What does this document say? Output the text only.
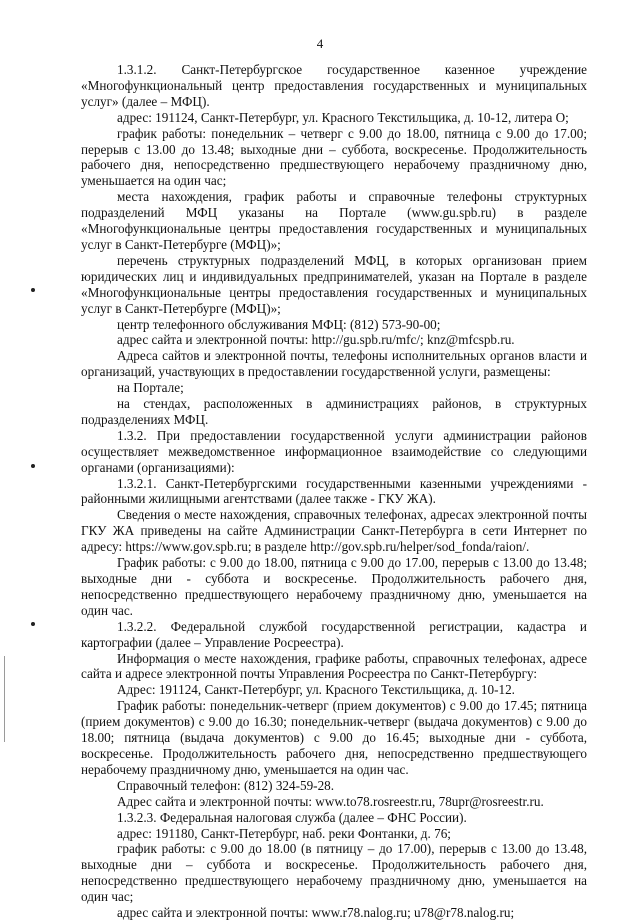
4

1.3.1.2. Санкт-Петербургское государственное казенное учреждение «Многофункциональный центр предоставления государственных и муниципальных услуг» (далее – МФЦ).

адрес: 191124, Санкт-Петербург, ул. Красного Текстильщика, д. 10-12, литера О;

график работы: понедельник – четверг с 9.00 до 18.00, пятница с 9.00 до 17.00; перерыв с 13.00 до 13.48; выходные дни – суббота, воскресенье. Продолжительность рабочего дня, непосредственно предшествующего нерабочему праздничному дню, уменьшается на один час;

места нахождения, график работы и справочные телефоны структурных подразделений МФЦ указаны на Портале (www.gu.spb.ru) в разделе «Многофункциональные центры предоставления государственных и муниципальных услуг в Санкт-Петербурге (МФЦ)»;

перечень структурных подразделений МФЦ, в которых организован прием юридических лиц и индивидуальных предпринимателей, указан на Портале в разделе «Многофункциональные центры предоставления государственных и муниципальных услуг в Санкт-Петербурге (МФЦ)»;

центр телефонного обслуживания МФЦ: (812) 573-90-00;

адрес сайта и электронной почты: http://gu.spb.ru/mfc/; knz@mfcspb.ru.

Адреса сайтов и электронной почты, телефоны исполнительных органов власти и организаций, участвующих в предоставлении государственной услуги, размещены:

на Портале;

на стендах, расположенных в администрациях районов, в структурных подразделениях МФЦ.

1.3.2. При предоставлении государственной услуги администрации районов осуществляет межведомственное информационное взаимодействие со следующими органами (организациями):

1.3.2.1. Санкт-Петербургскими государственными казенными учреждениями - районными жилищными агентствами (далее также - ГКУ ЖА).

Сведения о месте нахождения, справочных телефонах, адресах электронной почты ГКУ ЖА приведены на сайте Администрации Санкт-Петербурга в сети Интернет по адресу: https://www.gov.spb.ru; в разделе http://gov.spb.ru/helper/sod_fonda/raion/.

График работы: с 9.00 до 18.00, пятница с 9.00 до 17.00, перерыв с 13.00 до 13.48; выходные дни - суббота и воскресенье. Продолжительность рабочего дня, непосредственно предшествующего нерабочему праздничному дню, уменьшается на один час.

1.3.2.2. Федеральной службой государственной регистрации, кадастра и картографии (далее – Управление Росреестра).

Информация о месте нахождения, графике работы, справочных телефонах, адресе сайта и адресе электронной почты Управления Росреестра по Санкт-Петербургу:

Адрес: 191124, Санкт-Петербург, ул. Красного Текстильщика, д. 10-12.

График работы: понедельник-четверг (прием документов) с 9.00 до 17.45; пятница (прием документов) с 9.00 до 16.30; понедельник-четверг (выдача документов) с 9.00 до 18.00; пятница (выдача документов) с 9.00 до 16.45; выходные дни - суббота, воскресенье. Продолжительность рабочего дня, непосредственно предшествующего нерабочему праздничному дню, уменьшается на один час.

Справочный телефон: (812) 324-59-28.

Адрес сайта и электронной почты: www.to78.rosreestr.ru, 78upr@rosreestr.ru.

1.3.2.3. Федеральная налоговая служба (далее – ФНС России).

адрес: 191180, Санкт-Петербург, наб. реки Фонтанки, д. 76;

график работы: с 9.00 до 18.00 (в пятницу – до 17.00), перерыв с 13.00 до 13.48, выходные дни – суббота и воскресенье. Продолжительность рабочего дня, непосредственно предшествующего нерабочему праздничному дню, уменьшается на один час;

адрес сайта и электронной почты: www.r78.nalog.ru; u78@r78.nalog.ru;
